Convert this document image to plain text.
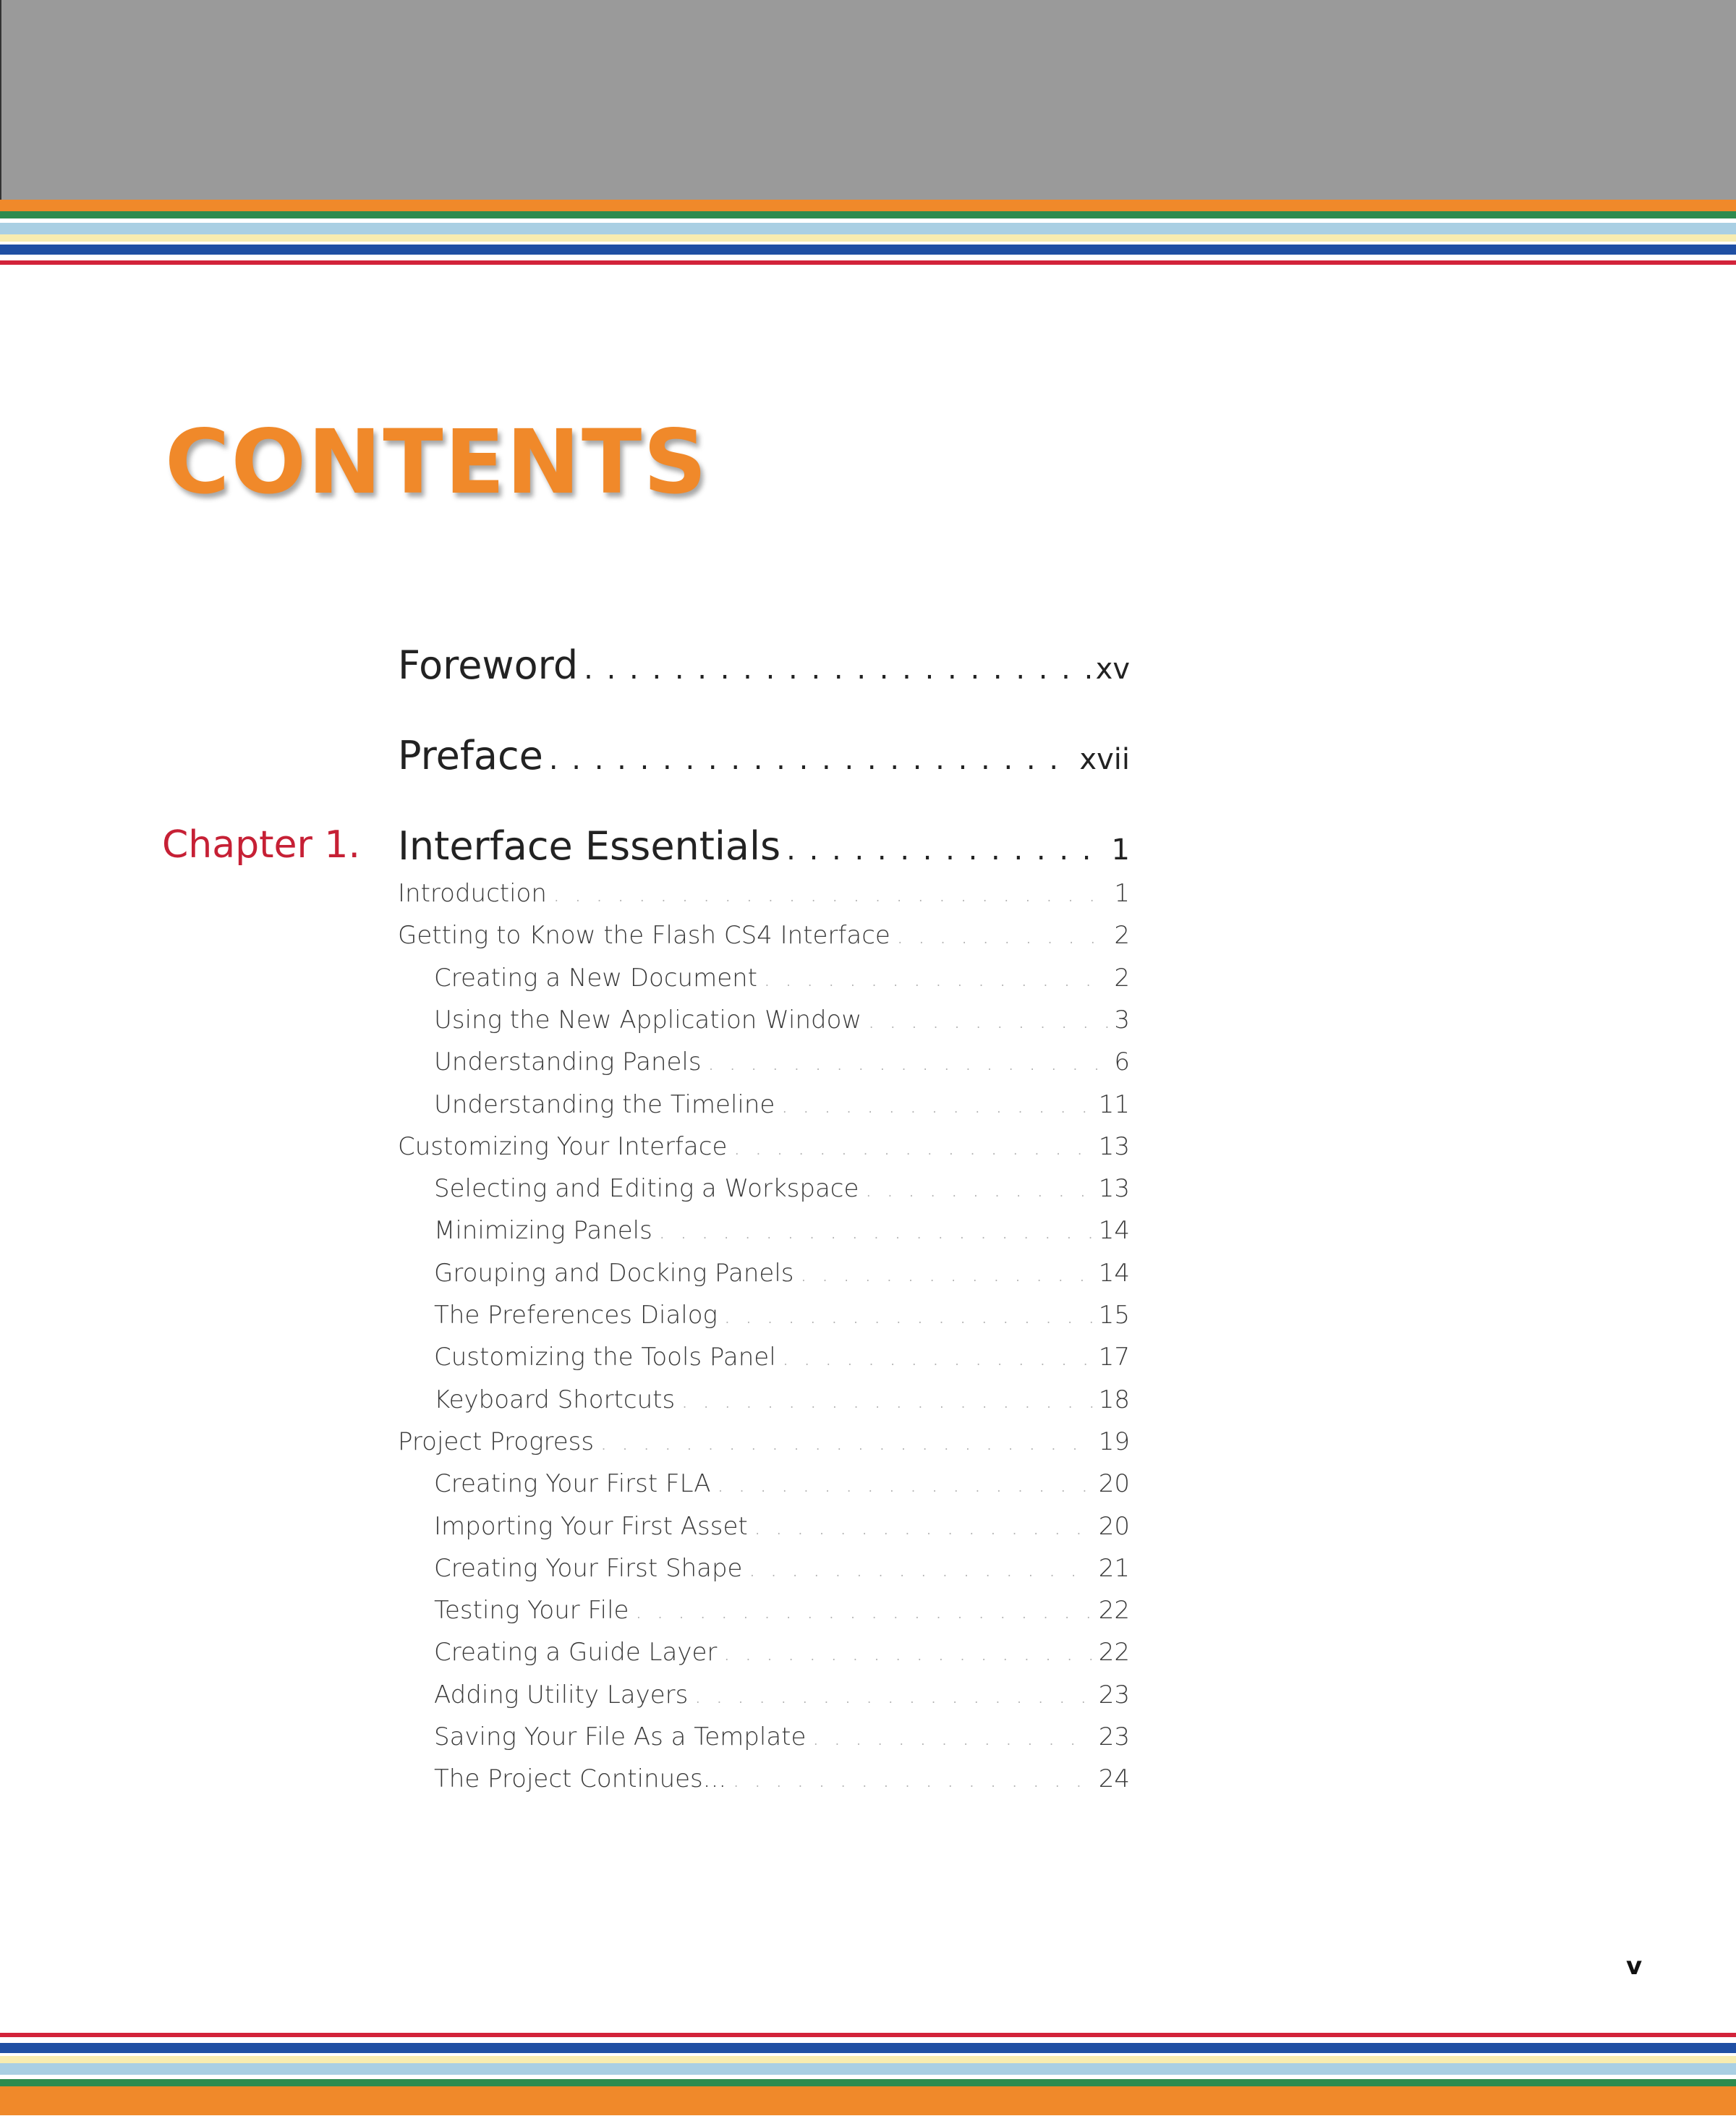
CONTENTS
Chapter 1.
Foreword . . .	xv
Preface . . .	xvii
Interface Essentials . . .	1
Introduction . . .	1
Getting to Know the Flash CS4 Interface . . .	2
Creating a New Document . . .	2
Using the New Application Window . . .	3
Understanding Panels . . .	6
Understanding the Timeline . . .	11
Customizing Your Interface . . .	13
Selecting and Editing a Workspace . . .	13
Minimizing Panels . . .	14
Grouping and Docking Panels . . .	14
The Preferences Dialog . . .	15
Customizing the Tools Panel . . .	17
Keyboard Shortcuts . . .	18
Project Progress . . .	19
Creating Your First FLA . . .	20
Importing Your First Asset . . .	20
Creating Your First Shape . . .	21
Testing Your File . . .	22
Creating a Guide Layer . . .	22
Adding Utility Layers . . .	23
Saving Your File As a Template . . .	23
The Project Continues... . . .	24
v
